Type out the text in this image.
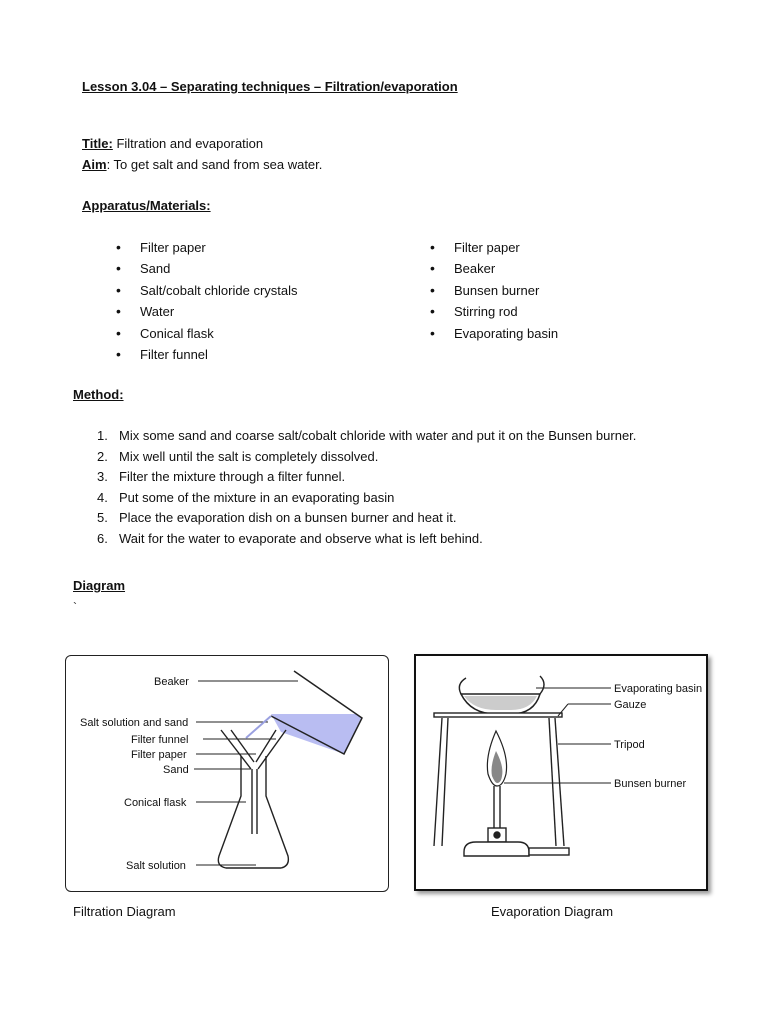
Lesson 3.04 – Separating techniques – Filtration/evaporation
Title: Filtration and evaporation
Aim: To get salt and sand from sea water.
Apparatus/Materials:
• Filter paper
• Sand
• Salt/cobalt chloride crystals
• Water
• Conical flask
• Filter funnel
• Filter paper
• Beaker
• Bunsen burner
• Stirring rod
• Evaporating basin
Method:
1. Mix some sand and coarse salt/cobalt chloride with water and put it on the Bunsen burner.
2. Mix well until the salt is completely dissolved.
3. Filter the mixture through a filter funnel.
4. Put some of the mixture in an evaporating basin
5. Place the evaporation dish on a bunsen burner and heat it.
6. Wait for the water to evaporate and observe what is left behind.
Diagram
`
Beaker
Salt solution and sand
Filter funnel
Filter paper
Sand
Conical flask
Salt solution
Filtration Diagram
Evaporating basin
Gauze
Tripod
Bunsen burner
Evaporation Diagram
